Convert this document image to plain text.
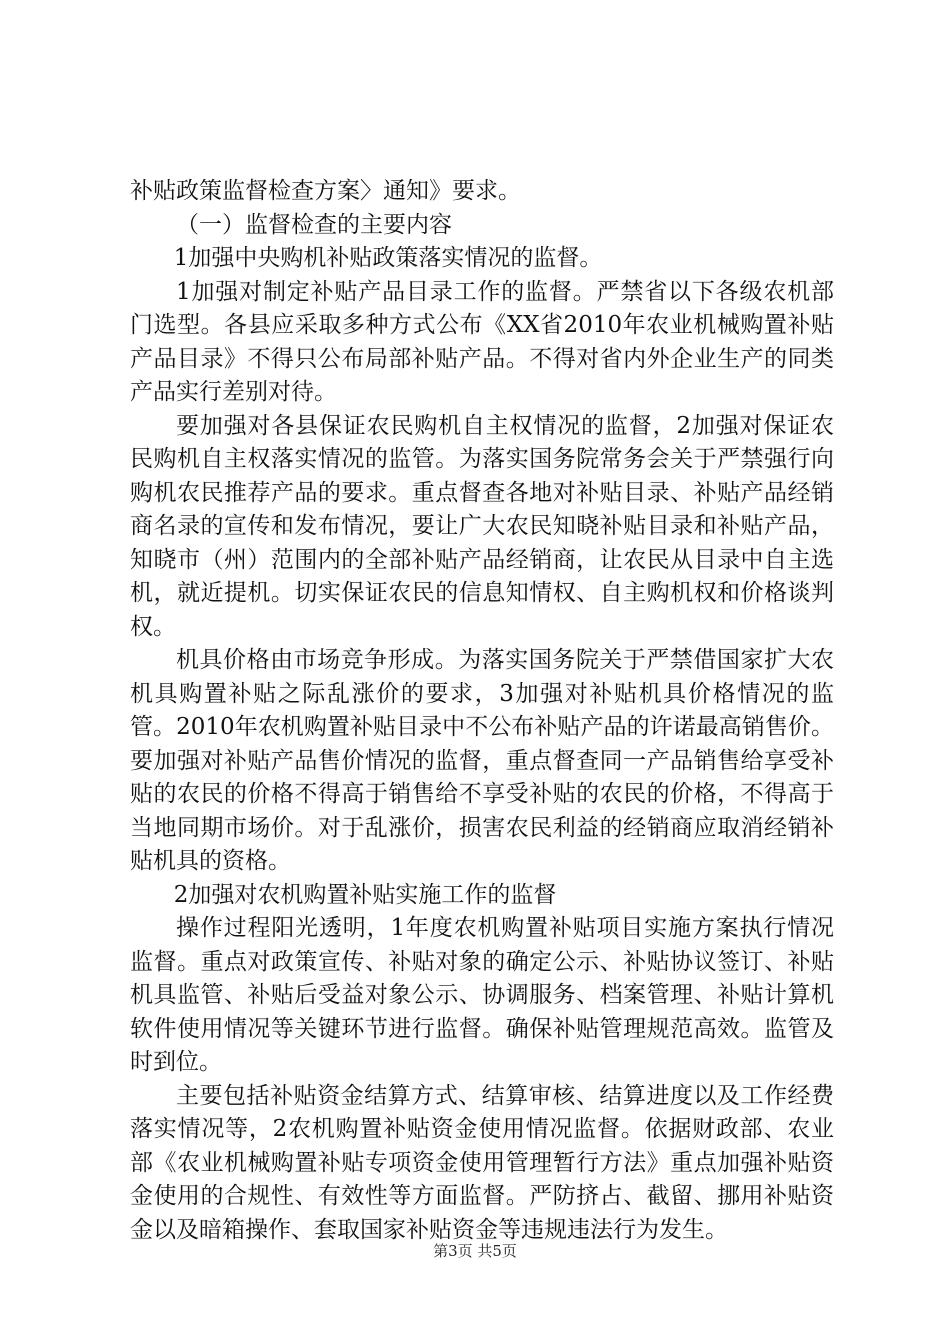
补贴政策监督检查方案〉通知》要求。

（一）监督检查的主要内容

1加强中央购机补贴政策落实情况的监督。

1加强对制定补贴产品目录工作的监督。严禁省以下各级农机部门选型。各县应采取多种方式公布《XX省2010年农业机械购置补贴产品目录》不得只公布局部补贴产品。不得对省内外企业生产的同类产品实行差别对待。

要加强对各县保证农民购机自主权情况的监督，2加强对保证农民购机自主权落实情况的监管。为落实国务院常务会关于严禁强行向购机农民推荐产品的要求。重点督查各地对补贴目录、补贴产品经销商名录的宣传和发布情况，要让广大农民知晓补贴目录和补贴产品，知晓市（州）范围内的全部补贴产品经销商，让农民从目录中自主选机，就近提机。切实保证农民的信息知情权、自主购机权和价格谈判权。

机具价格由市场竞争形成。为落实国务院关于严禁借国家扩大农机具购置补贴之际乱涨价的要求，3加强对补贴机具价格情况的监管。2010年农机购置补贴目录中不公布补贴产品的许诺最高销售价。要加强对补贴产品售价情况的监督，重点督查同一产品销售给享受补贴的农民的价格不得高于销售给不享受补贴的农民的价格，不得高于当地同期市场价。对于乱涨价，损害农民利益的经销商应取消经销补贴机具的资格。

2加强对农机购置补贴实施工作的监督

操作过程阳光透明，1年度农机购置补贴项目实施方案执行情况监督。重点对政策宣传、补贴对象的确定公示、补贴协议签订、补贴机具监管、补贴后受益对象公示、协调服务、档案管理、补贴计算机软件使用情况等关键环节进行监督。确保补贴管理规范高效。监管及时到位。

主要包括补贴资金结算方式、结算审核、结算进度以及工作经费落实情况等，2农机购置补贴资金使用情况监督。依据财政部、农业部《农业机械购置补贴专项资金使用管理暂行方法》重点加强补贴资金使用的合规性、有效性等方面监督。严防挤占、截留、挪用补贴资金以及暗箱操作、套取国家补贴资金等违规违法行为发生。

第3页 共5页
